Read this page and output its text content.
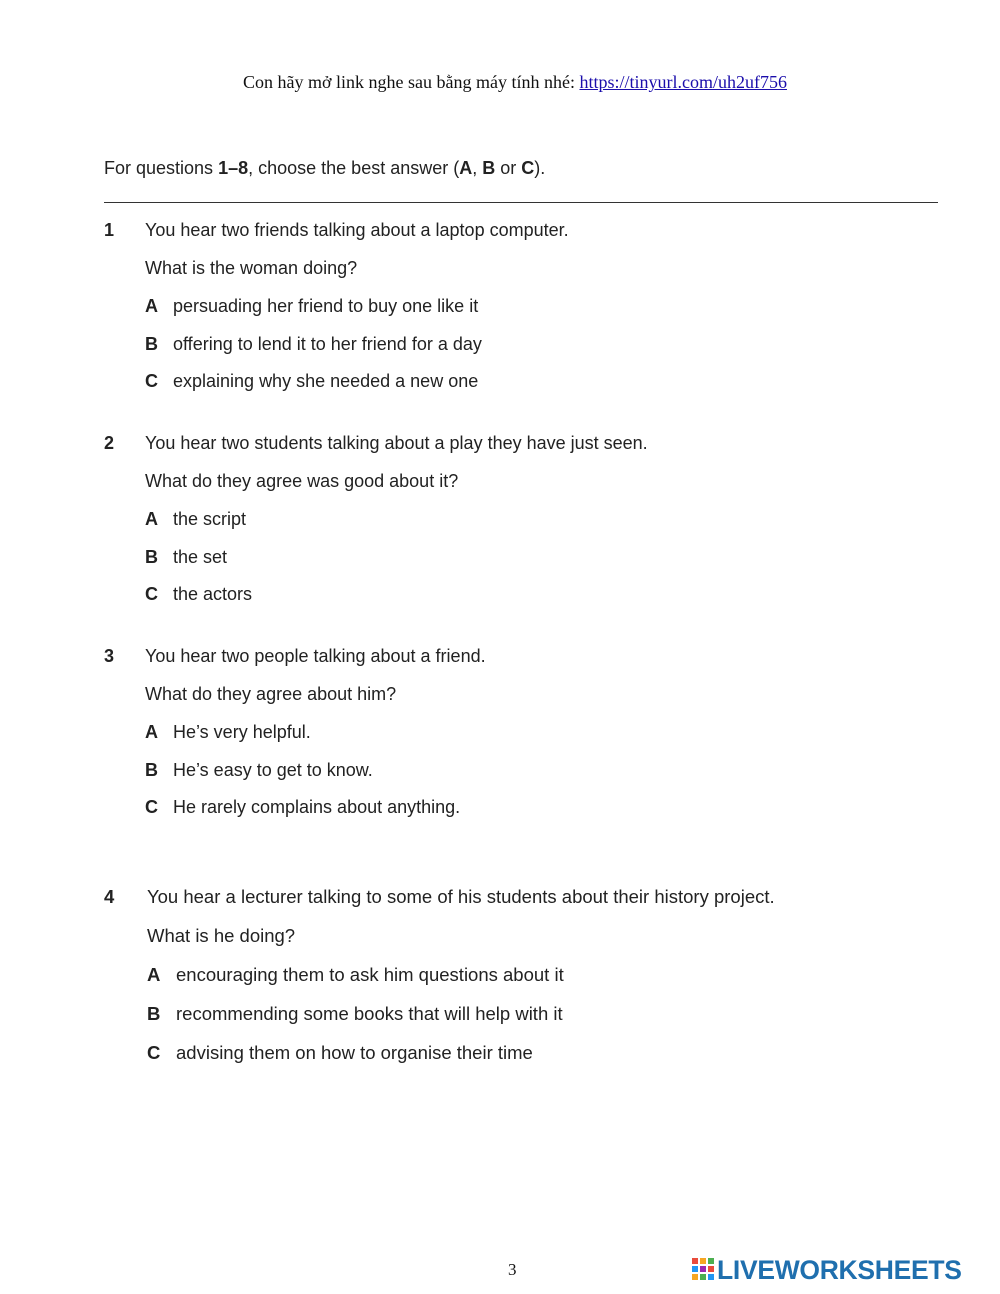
Con hãy mở link nghe sau bằng máy tính nhé: https://tinyurl.com/uh2uf756
For questions 1–8, choose the best answer (A, B or C).
1 You hear two friends talking about a laptop computer.
What is the woman doing?
A persuading her friend to buy one like it
B offering to lend it to her friend for a day
C explaining why she needed a new one
2 You hear two students talking about a play they have just seen.
What do they agree was good about it?
A the script
B the set
C the actors
3 You hear two people talking about a friend.
What do they agree about him?
A He’s very helpful.
B He’s easy to get to know.
C He rarely complains about anything.
4 You hear a lecturer talking to some of his students about their history project.
What is he doing?
A encouraging them to ask him questions about it
B recommending some books that will help with it
C advising them on how to organise their time
3	LIVEWORKSHEETS
